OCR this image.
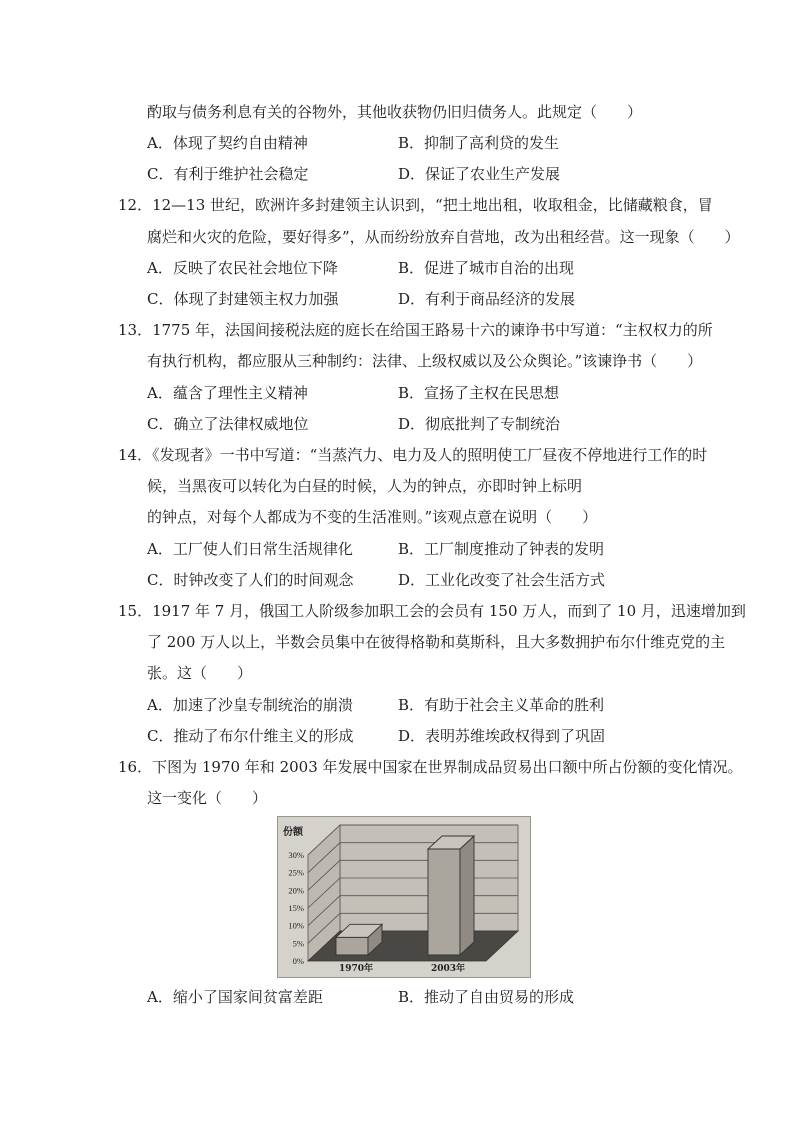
酌取与债务利息有关的谷物外，其他收获物仍旧归债务人。此规定（　　）
A．体现了契约自由精神	B．抑制了高利贷的发生
C．有利于维护社会稳定	D．保证了农业生产发展
12．12—13 世纪，欧洲许多封建领主认识到，“把土地出租，收取租金，比储藏粮食，冒
腐烂和火灾的危险，要好得多”，从而纷纷放弃自营地，改为出租经营。这一现象（　　）
A．反映了农民社会地位下降	B．促进了城市自治的出现
C．体现了封建领主权力加强	D．有利于商品经济的发展
13．1775 年，法国间接税法庭的庭长在给国王路易十六的谏诤书中写道：“主权权力的所
有执行机构，都应服从三种制约：法律、上级权威以及公众舆论。”该谏诤书（　　）
A．蕴含了理性主义精神	B．宣扬了主权在民思想
C．确立了法律权威地位	D．彻底批判了专制统治
14．《发现者》一书中写道：“当蒸汽力、电力及人的照明使工厂昼夜不停地进行工作的时
候，当黑夜可以转化为白昼的时候，人为的钟点，亦即时钟上标明
的钟点，对每个人都成为不变的生活准则。”该观点意在说明（　　）
A．工厂使人们日常生活规律化	B．工厂制度推动了钟表的发明
C．时钟改变了人们的时间观念	D．工业化改变了社会生活方式
15．1917 年 7 月，俄国工人阶级参加职工会的会员有 150 万人，而到了 10 月，迅速增加到
了 200 万人以上，半数会员集中在彼得格勒和莫斯科，且大多数拥护布尔什维克党的主
张。这（　　）
A．加速了沙皇专制统治的崩溃	B．有助于社会主义革命的胜利
C．推动了布尔什维主义的形成	D．表明苏维埃政权得到了巩固
16．下图为 1970 年和 2003 年发展中国家在世界制成品贸易出口额中所占份额的变化情况。
这一变化（　　）
0%
5%
10%
15%
20%
25%
30%
份额
1970年	2003年
A．缩小了国家间贫富差距	B．推动了自由贸易的形成
